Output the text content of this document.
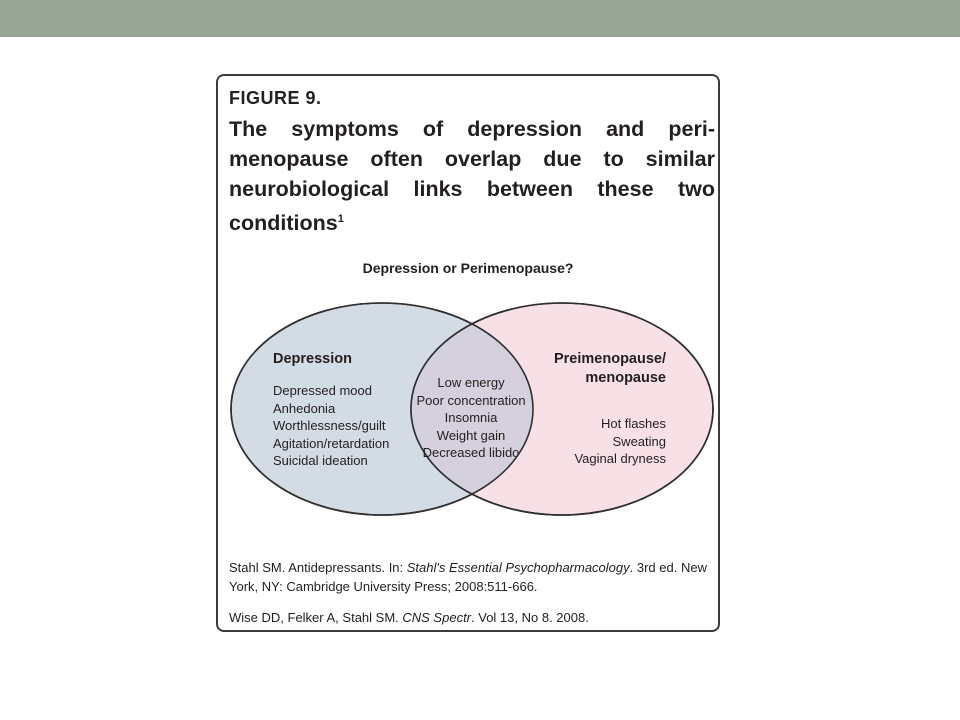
FIGURE 9.

The symptoms of depression and perimenopause often overlap due to similar neurobiological links between these two conditions$^1$

Depression or Perimenopause?
Depression
Depressed mood
Anhedonia
Worthlessness/guilt
Agitation/retardation
Suicidal ideation
Low energy
Poor concentration
Insomnia
Weight gain
Decreased libido
Preimenopause/
menopause
Hot flashes
Sweating
Vaginal dryness

Stahl SM. Antidepressants. In: Stahl's Essential Psychopharmacology. 3rd ed. New York, NY: Cambridge University Press; 2008:511-666.

Wise DD, Felker A, Stahl SM. CNS Spectr. Vol 13, No 8. 2008.
